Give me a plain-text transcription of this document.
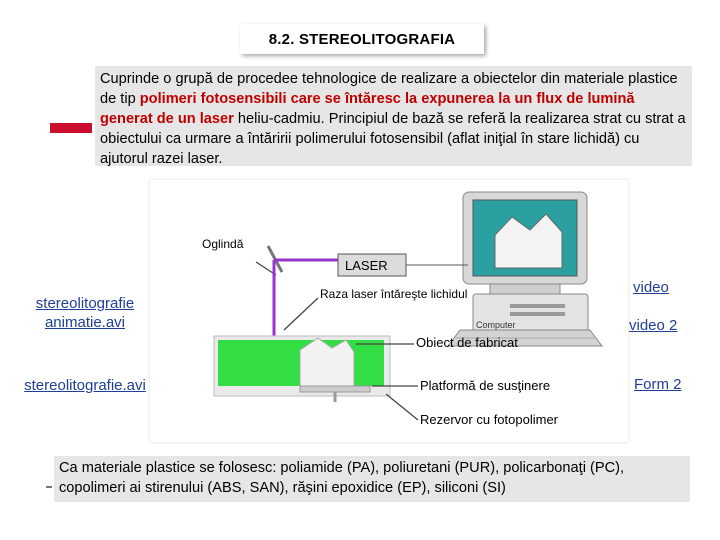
8.2. STEREOLITOGRAFIA
Cuprinde o grupă de procedee tehnologice de realizare a obiectelor din materiale plastice de tip polimeri fotosensibili care se întăresc la expunerea la un flux de lumină generat de un laser heliu-cadmiu. Principiul de bază se referă la realizarea strat cu strat a obiectului ca urmare a întăririi polimerului fotosensibil (aflat iniţial în stare lichidă) cu ajutorul razei laser.
stereolitografie animatie.avi
stereolitografie.avi
video
video 2
Form 2
Computer
Oglindă
LASER
Raza laser întăreşte lichidul
Obiect de fabricat
Platformă de susţinere
Rezervor cu fotopolimer
Ca materiale plastice se folosesc: poliamide (PA), poliuretani (PUR), policarbonaţi (PC), copolimeri ai stirenului (ABS, SAN), răşini epoxidice (EP), siliconi (SI)
